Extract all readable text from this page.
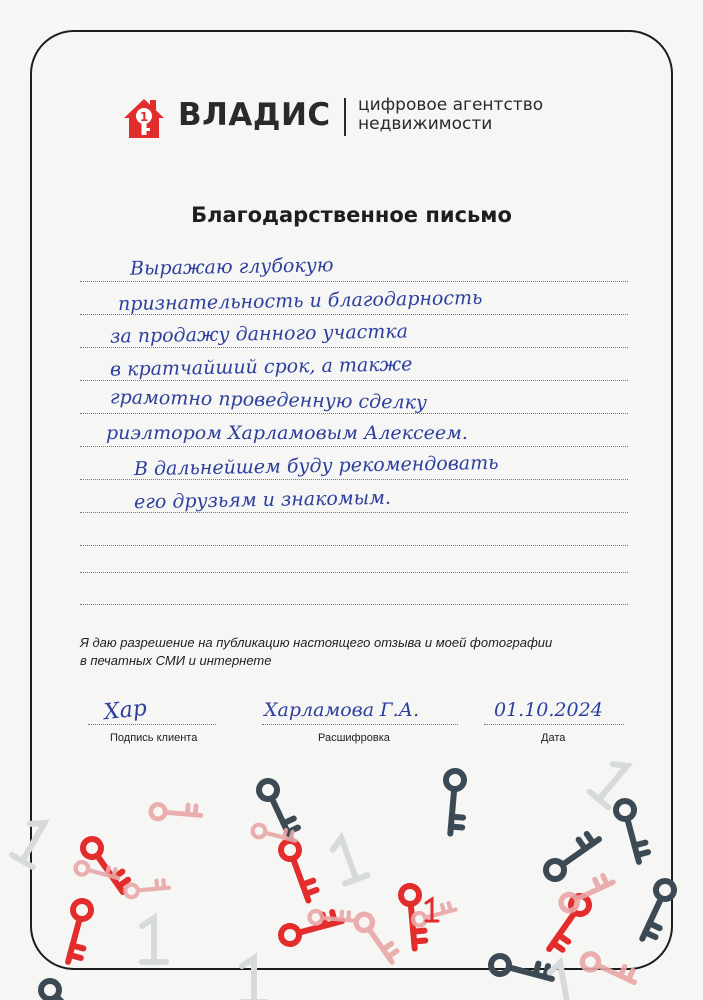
1 ВЛАДИС цифровое агентство
недвижимости
Благодарственное письмо
Выражаю глубокую
признательность и благодарность
за продажу данного участка
в кратчайший срок, а также
грамотно проведенную сделку
риэлтором Харламовым Алексеем.
В дальнейшем буду рекомендовать
его друзьям и знакомым.
Я даю разрешение на публикацию настоящего отзыва и моей фотографии
в печатных СМИ и интернете
Хар	Харламова Г.А.	01.10.2024
Подпись клиента	Расшифровка	Дата
